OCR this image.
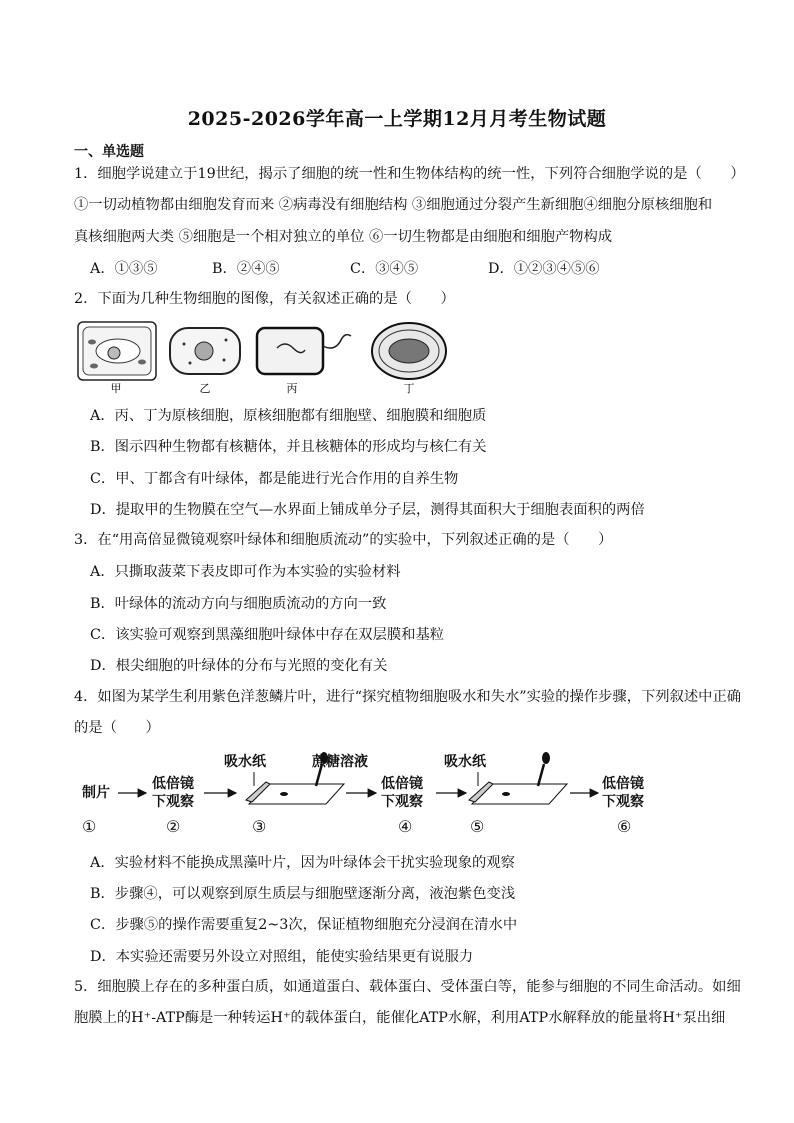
2025-2026学年高一上学期12月月考生物试题
一、单选题
1．细胞学说建立于19世纪，揭示了细胞的统一性和生物体结构的统一性，下列符合细胞学说的是（　　）
①一切动植物都由细胞发育而来 ②病毒没有细胞结构 ③细胞通过分裂产生新细胞④细胞分原核细胞和
真核细胞两大类 ⑤细胞是一个相对独立的单位 ⑥一切生物都是由细胞和细胞产物构成
A．①③⑤	B．②④⑤	C．③④⑤	D．①②③④⑤⑥
2．下面为几种生物细胞的图像，有关叙述正确的是（　　）
甲	乙	丙	丁
A．丙、丁为原核细胞，原核细胞都有细胞壁、细胞膜和细胞质
B．图示四种生物都有核糖体，并且核糖体的形成均与核仁有关
C．甲、丁都含有叶绿体，都是能进行光合作用的自养生物
D．提取甲的生物膜在空气—水界面上铺成单分子层，测得其面积大于细胞表面积的两倍
3．在“用高倍显微镜观察叶绿体和细胞质流动”的实验中，下列叙述正确的是（　　）
A．只撕取菠菜下表皮即可作为本实验的实验材料
B．叶绿体的流动方向与细胞质流动的方向一致
C．该实验可观察到黑藻细胞叶绿体中存在双层膜和基粒
D．根尖细胞的叶绿体的分布与光照的变化有关
4．如图为某学生利用紫色洋葱鳞片叶，进行“探究植物细胞吸水和失水”实验的操作步骤，下列叙述中正确
的是（　　）
制片
低倍镜
下观察
吸水纸	蔗糖溶液
低倍镜
下观察
吸水纸
低倍镜
下观察
①	②	③	④	⑤	⑥
A．实验材料不能换成黑藻叶片，因为叶绿体会干扰实验现象的观察
B．步骤④，可以观察到原生质层与细胞壁逐渐分离，液泡紫色变浅
C．步骤⑤的操作需要重复2~3次，保证植物细胞充分浸润在清水中
D．本实验还需要另外设立对照组，能使实验结果更有说服力
5．细胞膜上存在的多种蛋白质，如通道蛋白、载体蛋白、受体蛋白等，能参与细胞的不同生命活动。如细
胞膜上的H⁺-ATP酶是一种转运H⁺的载体蛋白，能催化ATP水解，利用ATP水解释放的能量将H⁺泵出细
